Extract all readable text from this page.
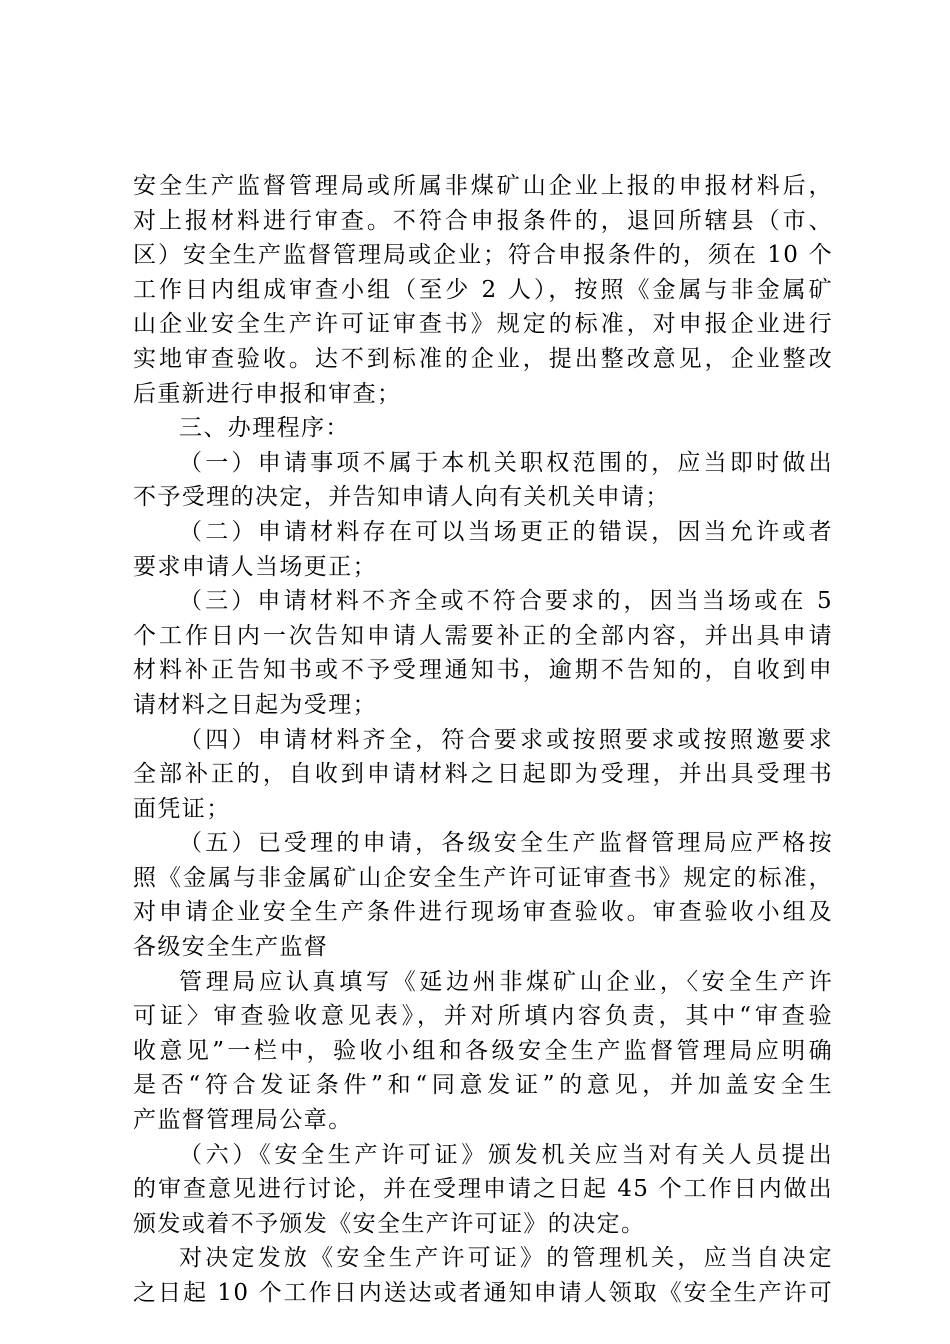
安全生产监督管理局或所属非煤矿山企业上报的申报材料后，
对上报材料进行审查。不符合申报条件的，退回所辖县（市、
区）安全生产监督管理局或企业；符合申报条件的，须在 10 个
工作日内组成审查小组（至少 2 人），按照《金属与非金属矿
山企业安全生产许可证审查书》规定的标准，对申报企业进行
实地审查验收。达不到标准的企业，提出整改意见，企业整改
后重新进行申报和审查；
三、办理程序：
（一）申请事项不属于本机关职权范围的，应当即时做出
不予受理的决定，并告知申请人向有关机关申请；
（二）申请材料存在可以当场更正的错误，因当允许或者
要求申请人当场更正；
（三）申请材料不齐全或不符合要求的，因当当场或在 5
个工作日内一次告知申请人需要补正的全部内容，并出具申请
材料补正告知书或不予受理通知书，逾期不告知的，自收到申
请材料之日起为受理；
（四）申请材料齐全，符合要求或按照要求或按照邀要求
全部补正的，自收到申请材料之日起即为受理，并出具受理书
面凭证；
（五）已受理的申请，各级安全生产监督管理局应严格按
照《金属与非金属矿山企安全生产许可证审查书》规定的标准，
对申请企业安全生产条件进行现场审查验收。审查验收小组及
各级安全生产监督
管理局应认真填写《延边州非煤矿山企业，〈安全生产许
可证〉审查验收意见表》，并对所填内容负责，其中“审查验
收意见”一栏中，验收小组和各级安全生产监督管理局应明确
是否“符合发证条件”和“同意发证”的意见，并加盖安全生
产监督管理局公章。
（六）《安全生产许可证》颁发机关应当对有关人员提出
的审查意见进行讨论，并在受理申请之日起 45 个工作日内做出
颁发或着不予颁发《安全生产许可证》的决定。
对决定发放《安全生产许可证》的管理机关，应当自决定
之日起 10 个工作日内送达或者通知申请人领取《安全生产许可
